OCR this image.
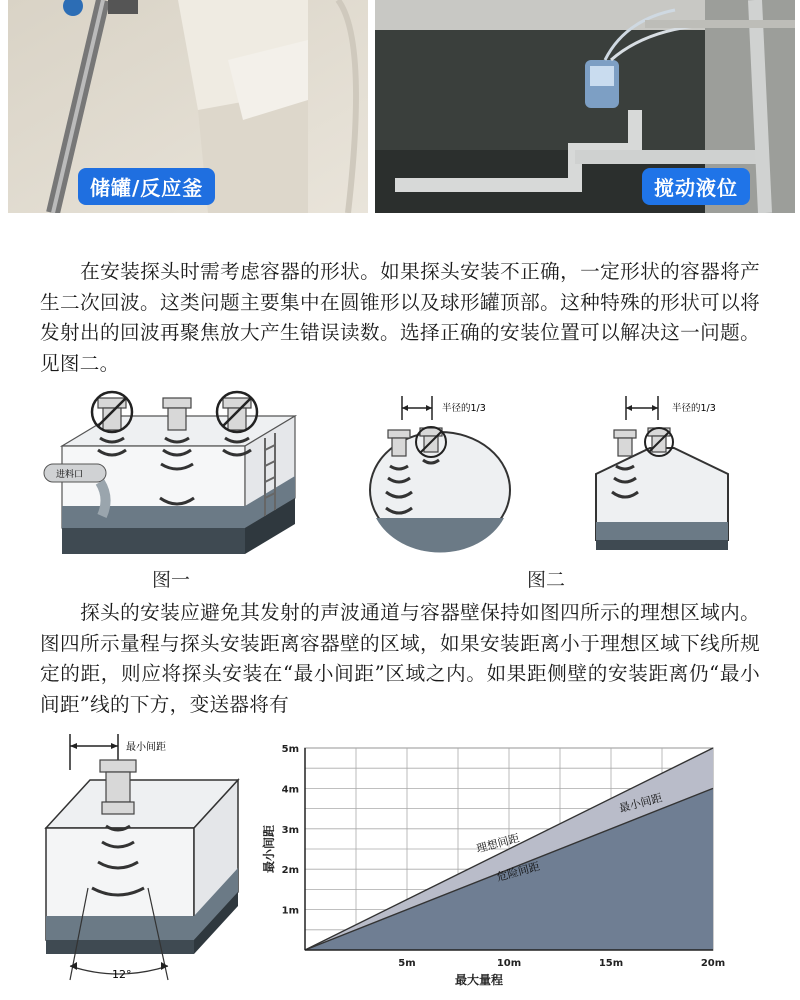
储罐/反应釜	搅动液位
在安装探头时需考虑容器的形状。如果探头安装不正确，一定形状的容器将产生二次回波。这类问题主要集中在圆锥形以及球形罐顶部。这种特殊的形状可以将发射出的回波再聚焦放大产生错误读数。选择正确的安装位置可以解决这一问题。见图二。
进料口
图一
半径的1/3	半径的1/3
图二
探头的安装应避免其发射的声波通道与容器壁保持如图四所示的理想区域内。图四所示量程与探头安装距离容器壁的区域，如果安装距离小于理想区域下线所规定的距，则应将探头安装在“最小间距”区域之内。如果距侧壁的安装距离仍“最小间距”线的下方，变送器将有
最小间距
12°
5m	10m	15m	20m
1m
2m
3m
4m
5m
最大量程
最小间距	理想间距
最小间距
危险间距
